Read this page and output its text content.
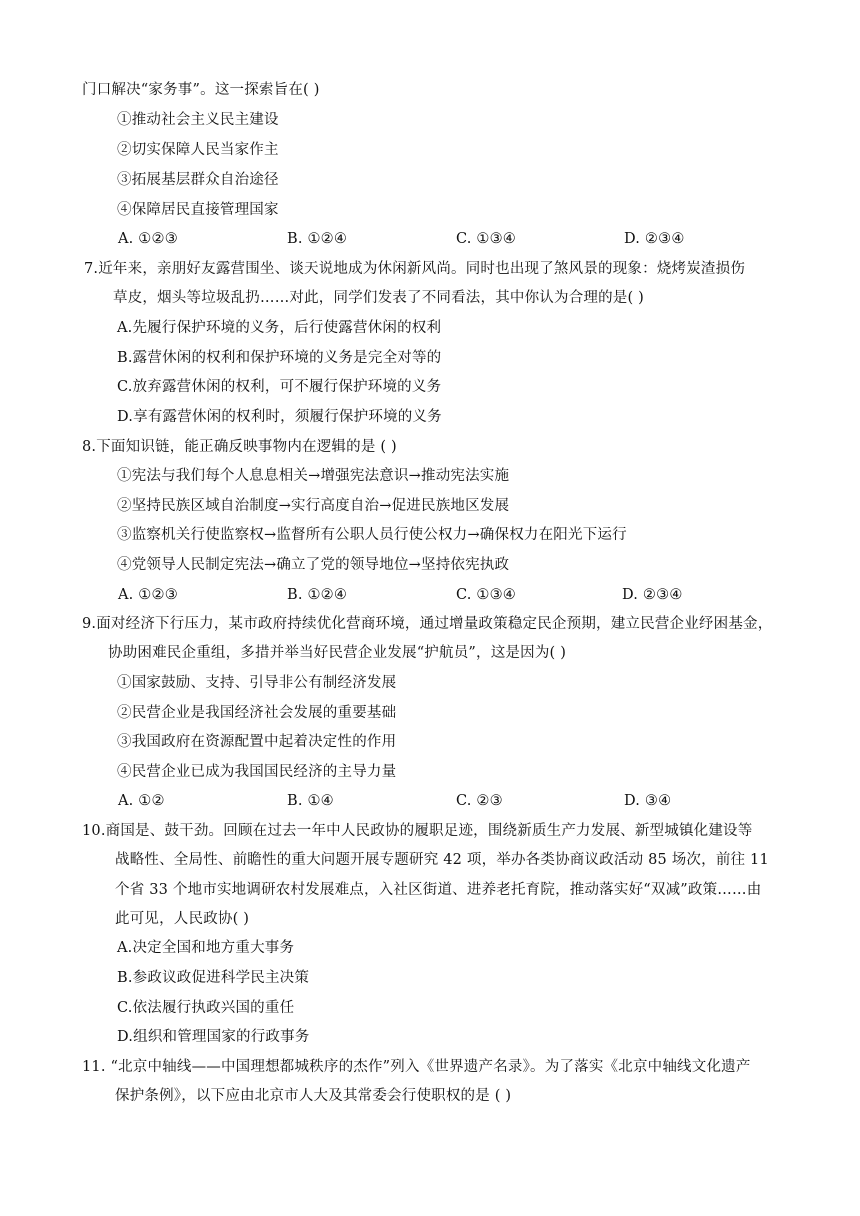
门口解决“家务事”。这一探索旨在( )
①推动社会主义民主建设
②切实保障人民当家作主
③拓展基层群众自治途径
④保障居民直接管理国家
A. ①②③	B. ①②④	C. ①③④	D. ②③④
7.近年来，亲朋好友露营围坐、谈天说地成为休闲新风尚。同时也出现了煞风景的现象：烧烤炭渣损伤
草皮，烟头等垃圾乱扔……对此，同学们发表了不同看法，其中你认为合理的是( )
A.先履行保护环境的义务，后行使露营休闲的权利
B.露营休闲的权利和保护环境的义务是完全对等的
C.放弃露营休闲的权利，可不履行保护环境的义务
D.享有露营休闲的权利时，须履行保护环境的义务
8.下面知识链，能正确反映事物内在逻辑的是 ( )
①宪法与我们每个人息息相关→增强宪法意识→推动宪法实施
②坚持民族区域自治制度→实行高度自治→促进民族地区发展
③监察机关行使监察权→监督所有公职人员行使公权力→确保权力在阳光下运行
④党领导人民制定宪法→确立了党的领导地位→坚持依宪执政
A. ①②③	B. ①②④	C. ①③④	D. ②③④
9.面对经济下行压力，某市政府持续优化营商环境，通过增量政策稳定民企预期，建立民营企业纾困基金，
协助困难民企重组，多措并举当好民营企业发展“护航员”，这是因为( )
①国家鼓励、支持、引导非公有制经济发展
②民营企业是我国经济社会发展的重要基础
③我国政府在资源配置中起着决定性的作用
④民营企业已成为我国国民经济的主导力量
A. ①②	B. ①④	C. ②③	D. ③④
10.商国是、鼓干劲。回顾在过去一年中人民政协的履职足迹，围绕新质生产力发展、新型城镇化建设等
战略性、全局性、前瞻性的重大问题开展专题研究 42 项，举办各类协商议政活动 85 场次，前往 11
个省 33 个地市实地调研农村发展难点，入社区街道、进养老托育院，推动落实好“双减”政策……由
此可见，人民政协( )
A.决定全国和地方重大事务
B.参政议政促进科学民主决策
C.依法履行执政兴国的重任
D.组织和管理国家的行政事务
11. “北京中轴线——中国理想都城秩序的杰作”列入《世界遗产名录》。为了落实《北京中轴线文化遗产
保护条例》，以下应由北京市人大及其常委会行使职权的是 ( )
